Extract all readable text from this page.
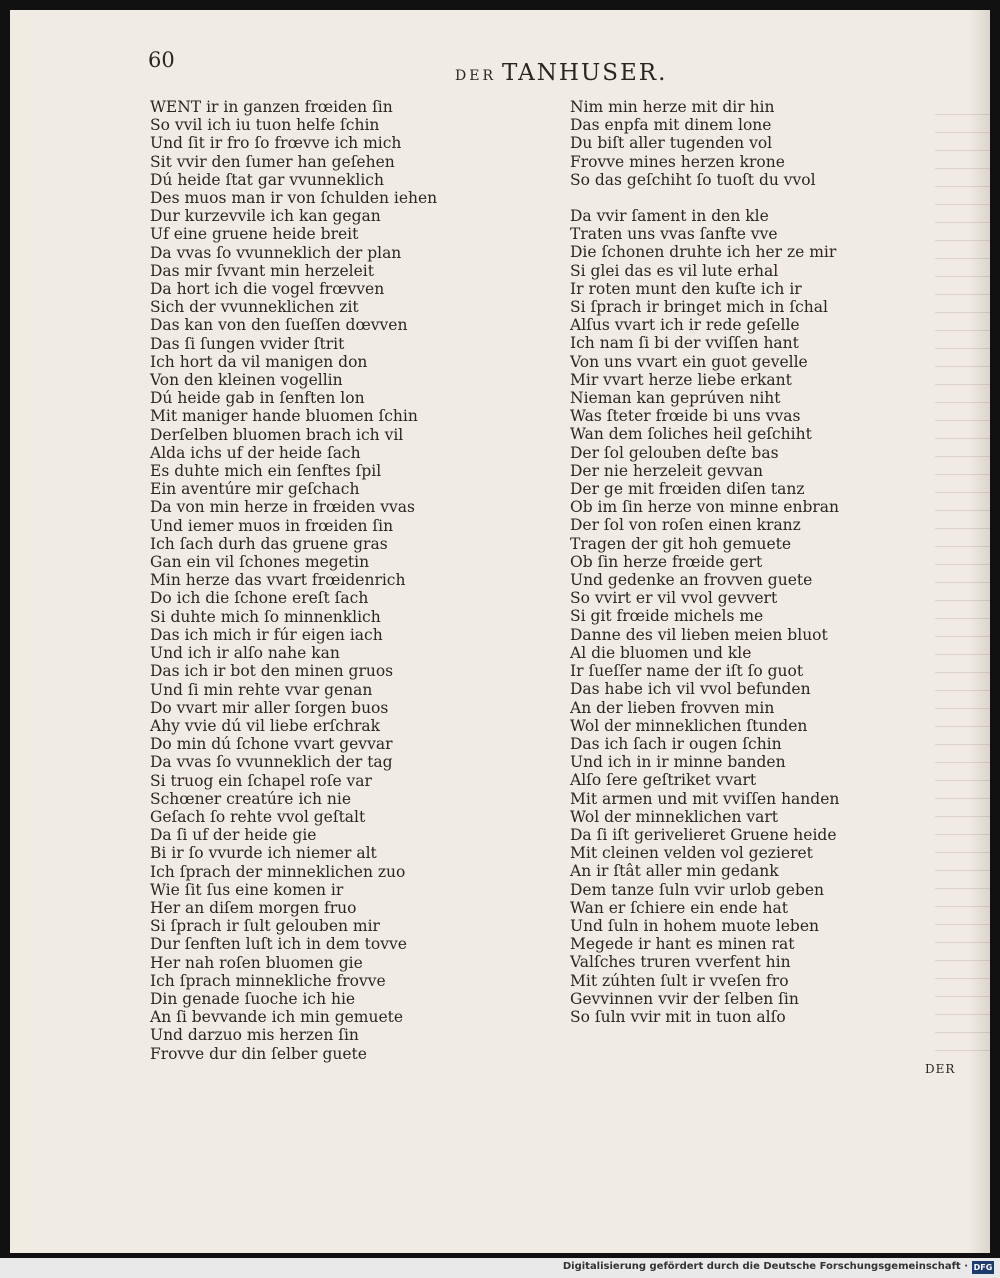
60
DER TANHUSER.
WENT ir in ganzen frœiden ſin
So vvil ich iu tuon helfe ſchin
Und ſit ir fro ſo frœvve ich mich
Sit vvir den ſumer han geſehen
Dú heide ſtat gar vvunneklich
Des muos man ir von ſchulden iehen
Dur kurzevvile ich kan gegan
Uf eine gruene heide breit
Da vvas ſo vvunneklich der plan
Das mir ſvvant min herzeleit
Da hort ich die vogel frœvven
Sich der vvunneklichen zit
Das kan von den ſueſſen dœvven
Das ſi ſungen vvider ſtrit
Ich hort da vil manigen don
Von den kleinen vogellin
Dú heide gab in ſenften lon
Mit maniger hande bluomen ſchin
Derſelben bluomen brach ich vil
Alda ichs uf der heide ſach
Es duhte mich ein ſenftes ſpil
Ein aventúre mir geſchach
Da von min herze in frœiden vvas
Und iemer muos in frœiden ſin
Ich ſach durh das gruene gras
Gan ein vil ſchones megetin
Min herze das vvart frœidenrich
Do ich die ſchone ereſt ſach
Si duhte mich ſo minnenklich
Das ich mich ir fúr eigen iach
Und ich ir alſo nahe kan
Das ich ir bot den minen gruos
Und ſi min rehte vvar genan
Do vvart mir aller ſorgen buos
Ahy vvie dú vil liebe erſchrak
Do min dú ſchone vvart gevvar
Da vvas ſo vvunneklich der tag
Si truog ein ſchapel roſe var
Schœner creatúre ich nie
Geſach ſo rehte vvol geſtalt
Da ſi uf der heide gie
Bi ir ſo vvurde ich niemer alt
Ich ſprach der minneklichen zuo
Wie ſit ſus eine komen ir
Her an diſem morgen fruo
Si ſprach ir ſult gelouben mir
Dur ſenften luſt ich in dem tovve
Her nah roſen bluomen gie
Ich ſprach minnekliche frovve
Din genade ſuoche ich hie
An ſi bevvande ich min gemuete
Und darzuo mis herzen ſin
Frovve dur din ſelber guete
Nim min herze mit dir hin
Das enpfa mit dinem lone
Du biſt aller tugenden vol
Frovve mines herzen krone
So das geſchiht ſo tuoſt du vvol
Da vvir ſament in den kle
Traten uns vvas ſanfte vve
Die ſchonen druhte ich her ze mir
Si glei das es vil lute erhal
Ir roten munt den kuſte ich ir
Si ſprach ir bringet mich in ſchal
Alſus vvart ich ir rede geſelle
Ich nam ſi bi der vviſſen hant
Von uns vvart ein guot gevelle
Mir vvart herze liebe erkant
Nieman kan geprúven niht
Was ſteter frœide bi uns vvas
Wan dem ſoliches heil geſchiht
Der ſol gelouben deſte bas
Der nie herzeleit gevvan
Der ge mit frœiden diſen tanz
Ob im ſin herze von minne enbran
Der ſol von roſen einen kranz
Tragen der git hoh gemuete
Ob ſin herze frœide gert
Und gedenke an frovven guete
So vvirt er vil vvol gevvert
Si git frœide michels me
Danne des vil lieben meien bluot
Al die bluomen und kle
Ir ſueſſer name der iſt ſo guot
Das habe ich vil vvol befunden
An der lieben frovven min
Wol der minneklichen ſtunden
Das ich ſach ir ougen ſchin
Und ich in ir minne banden
Alſo ſere geſtriket vvart
Mit armen und mit vviſſen handen
Wol der minneklichen vart
Da ſi iſt gerivelieret Gruene heide
Mit cleinen velden vol gezieret
An ir ſtât aller min gedank
Dem tanze ſuln vvir urlob geben
Wan er ſchiere ein ende hat
Und ſuln in hohem muote leben
Megede ir hant es minen rat
Valſches truren vverfent hin
Mit zúhten ſult ir vveſen fro
Gevvinnen vvir der ſelben ſin
So ſuln vvir mit in tuon alſo
DER
Digitalisierung gefördert durch die Deutsche Forschungsgemeinschaft · DFG
